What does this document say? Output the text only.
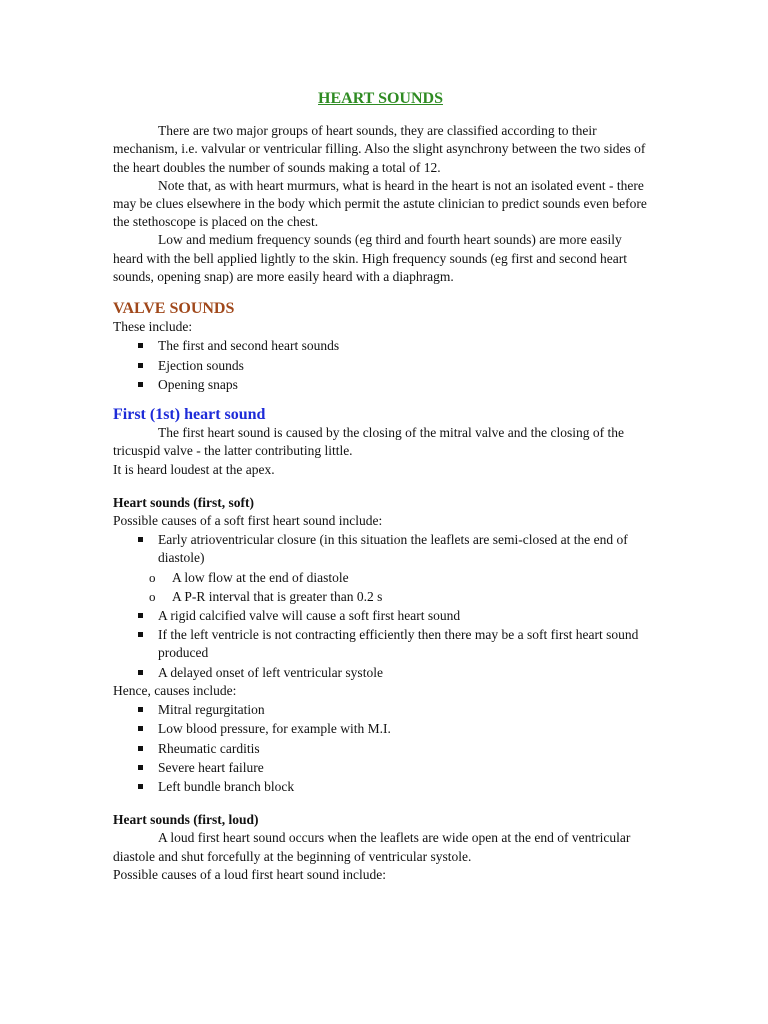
HEART SOUNDS

There are two major groups of heart sounds, they are classified according to their mechanism, i.e. valvular or ventricular filling. Also the slight asynchrony between the two sides of the heart doubles the number of sounds making a total of 12.

Note that, as with heart murmurs, what is heard in the heart is not an isolated event - there may be clues elsewhere in the body which permit the astute clinician to predict sounds even before the stethoscope is placed on the chest.

Low and medium frequency sounds (eg third and fourth heart sounds) are more easily heard with the bell applied lightly to the skin. High frequency sounds (eg first and second heart sounds, opening snap) are more easily heard with a diaphragm.

VALVE SOUNDS

These include:

The first and second heart sounds
Ejection sounds
Opening snaps
First (1st) heart sound

The first heart sound is caused by the closing of the mitral valve and the closing of the tricuspid valve - the latter contributing little.

It is heard loudest at the apex.

Heart sounds (first, soft)

Possible causes of a soft first heart sound include:

Early atrioventricular closure (in this situation the leaflets are semi-closed at the end of diastole)
o A low flow at the end of diastole
o A P-R interval that is greater than 0.2 s
A rigid calcified valve will cause a soft first heart sound
If the left ventricle is not contracting efficiently then there may be a soft first heart sound produced
A delayed onset of left ventricular systole

Hence, causes include:

Mitral regurgitation
Low blood pressure, for example with M.I.
Rheumatic carditis
Severe heart failure
Left bundle branch block
Heart sounds (first, loud)

A loud first heart sound occurs when the leaflets are wide open at the end of ventricular diastole and shut forcefully at the beginning of ventricular systole.

Possible causes of a loud first heart sound include:
